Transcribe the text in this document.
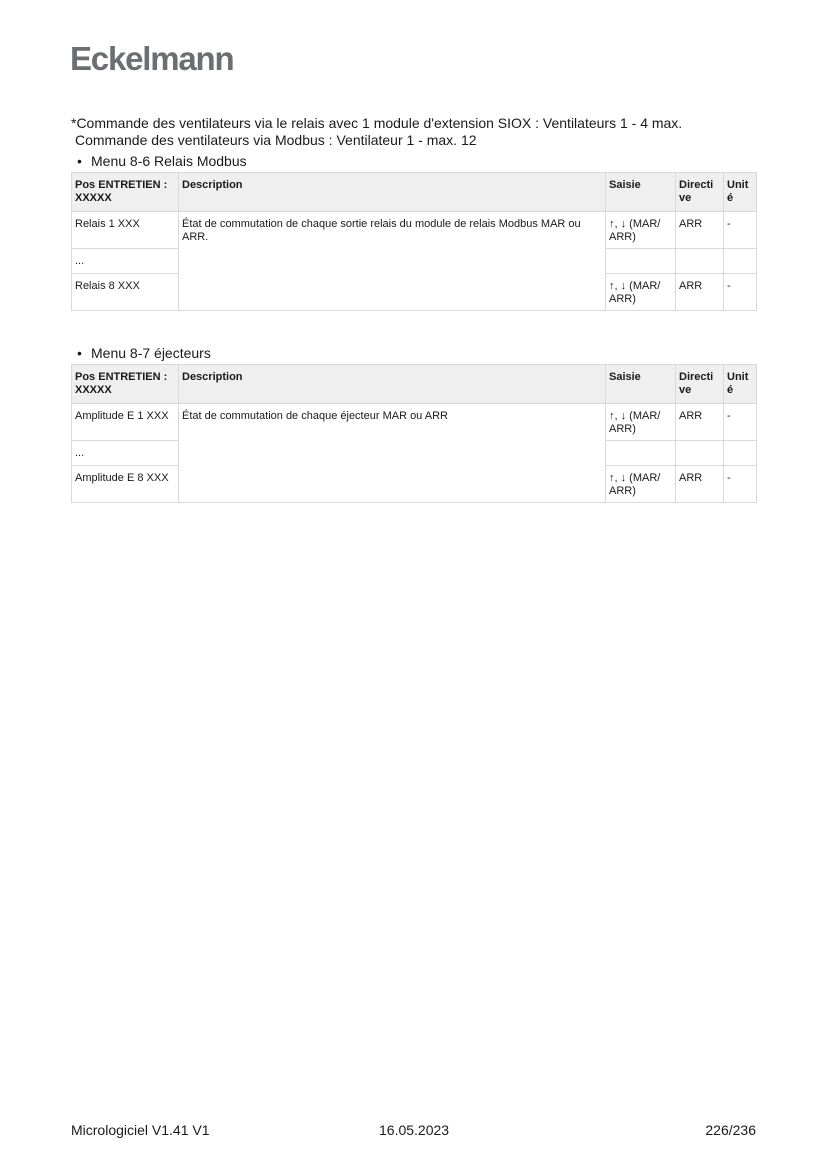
Eckelmann
*Commande des ventilateurs via le relais avec 1 module d'extension SIOX : Ventilateurs 1 - 4 max.
Commande des ventilateurs via Modbus : Ventilateur 1 - max. 12
• Menu 8-6 Relais Modbus
Pos ENTRETIEN : XXXXX	Description	Saisie	Directi ve	Unit é
Relais 1 XXX	État de commutation de chaque sortie relais du module de relais Modbus MAR ou ARR.	↑, ↓ (MAR/ ARR)	ARR	-
...				
Relais 8 XXX		↑, ↓ (MAR/ ARR)	ARR	-
• Menu 8-7 éjecteurs
Pos ENTRETIEN : XXXXX	Description	Saisie	Directi ve	Unit é
Amplitude E 1 XXX	État de commutation de chaque éjecteur MAR ou ARR	↑, ↓ (MAR/ ARR)	ARR	-
...				
Amplitude E 8 XXX		↑, ↓ (MAR/ ARR)	ARR	-
Micrologiciel V1.41 V1	16.05.2023	226/236
